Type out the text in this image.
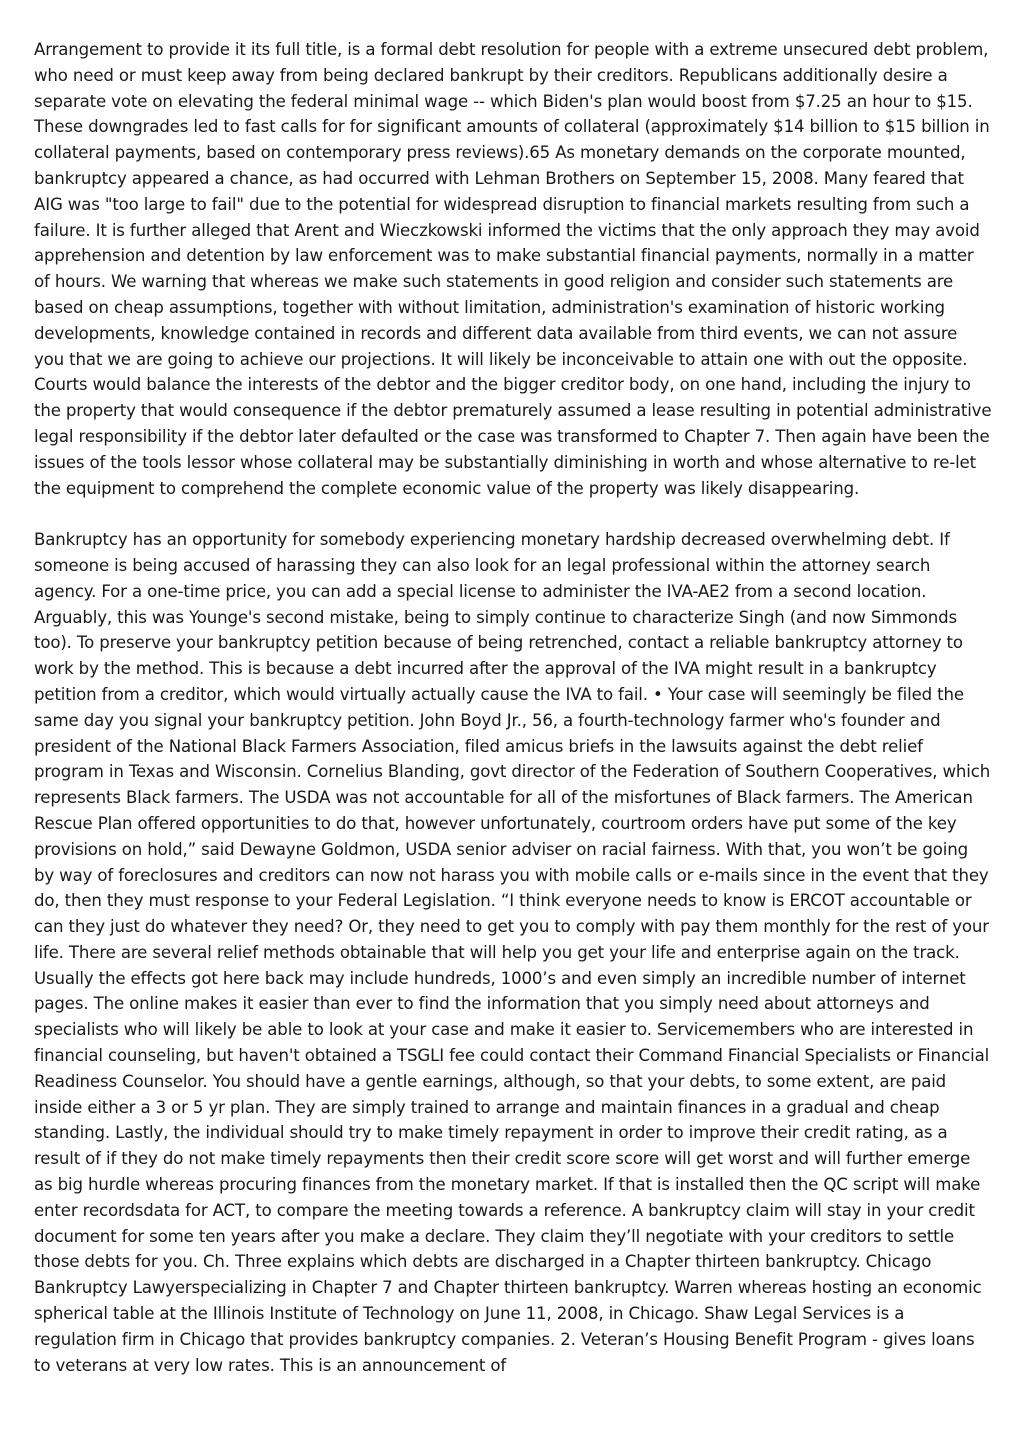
Arrangement to provide it its full title, is a formal debt resolution for people with a extreme unsecured debt problem, who need or must keep away from being declared bankrupt by their creditors. Republicans additionally desire a separate vote on elevating the federal minimal wage -- which Biden's plan would boost from $7.25 an hour to $15. These downgrades led to fast calls for for significant amounts of collateral (approximately $14 billion to $15 billion in collateral payments, based on contemporary press reviews).65 As monetary demands on the corporate mounted, bankruptcy appeared a chance, as had occurred with Lehman Brothers on September 15, 2008. Many feared that AIG was "too large to fail" due to the potential for widespread disruption to financial markets resulting from such a failure. It is further alleged that Arent and Wieczkowski informed the victims that the only approach they may avoid apprehension and detention by law enforcement was to make substantial financial payments, normally in a matter of hours. We warning that whereas we make such statements in good religion and consider such statements are based on cheap assumptions, together with without limitation, administration's examination of historic working developments, knowledge contained in records and different data available from third events, we can not assure you that we are going to achieve our projections. It will likely be inconceivable to attain one with out the opposite. Courts would balance the interests of the debtor and the bigger creditor body, on one hand, including the injury to the property that would consequence if the debtor prematurely assumed a lease resulting in potential administrative legal responsibility if the debtor later defaulted or the case was transformed to Chapter 7. Then again have been the issues of the tools lessor whose collateral may be substantially diminishing in worth and whose alternative to re-let the equipment to comprehend the complete economic value of the property was likely disappearing.

Bankruptcy has an opportunity for somebody experiencing monetary hardship decreased overwhelming debt. If someone is being accused of harassing they can also look for an legal professional within the attorney search agency. For a one-time price, you can add a special license to administer the IVA-AE2 from a second location. Arguably, this was Younge's second mistake, being to simply continue to characterize Singh (and now Simmonds too). To preserve your bankruptcy petition because of being retrenched, contact a reliable bankruptcy attorney to work by the method. This is because a debt incurred after the approval of the IVA might result in a bankruptcy petition from a creditor, which would virtually actually cause the IVA to fail. • Your case will seemingly be filed the same day you signal your bankruptcy petition. John Boyd Jr., 56, a fourth-technology farmer who's founder and president of the National Black Farmers Association, filed amicus briefs in the lawsuits against the debt relief program in Texas and Wisconsin. Cornelius Blanding, govt director of the Federation of Southern Cooperatives, which represents Black farmers. The USDA was not accountable for all of the misfortunes of Black farmers. The American Rescue Plan offered opportunities to do that, however unfortunately, courtroom orders have put some of the key provisions on hold,” said Dewayne Goldmon, USDA senior adviser on racial fairness. With that, you won’t be going by way of foreclosures and creditors can now not harass you with mobile calls or e-mails since in the event that they do, then they must response to your Federal Legislation. “I think everyone needs to know is ERCOT accountable or can they just do whatever they need? Or, they need to get you to comply with pay them monthly for the rest of your life. There are several relief methods obtainable that will help you get your life and enterprise again on the track. Usually the effects got here back may include hundreds, 1000’s and even simply an incredible number of internet pages. The online makes it easier than ever to find the information that you simply need about attorneys and specialists who will likely be able to look at your case and make it easier to. Servicemembers who are interested in financial counseling, but haven't obtained a TSGLI fee could contact their Command Financial Specialists or Financial Readiness Counselor. You should have a gentle earnings, although, so that your debts, to some extent, are paid inside either a 3 or 5 yr plan. They are simply trained to arrange and maintain finances in a gradual and cheap standing. Lastly, the individual should try to make timely repayment in order to improve their credit rating, as a result of if they do not make timely repayments then their credit score score will get worst and will further emerge as big hurdle whereas procuring finances from the monetary market. If that is installed then the QC script will make enter recordsdata for ACT, to compare the meeting towards a reference. A bankruptcy claim will stay in your credit document for some ten years after you make a declare. They claim they’ll negotiate with your creditors to settle those debts for you. Ch. Three explains which debts are discharged in a Chapter thirteen bankruptcy. Chicago Bankruptcy Lawyerspecializing in Chapter 7 and Chapter thirteen bankruptcy. Warren whereas hosting an economic spherical table at the Illinois Institute of Technology on June 11, 2008, in Chicago. Shaw Legal Services is a regulation firm in Chicago that provides bankruptcy companies. 2. Veteran’s Housing Benefit Program - gives loans to veterans at very low rates. This is an announcement of
